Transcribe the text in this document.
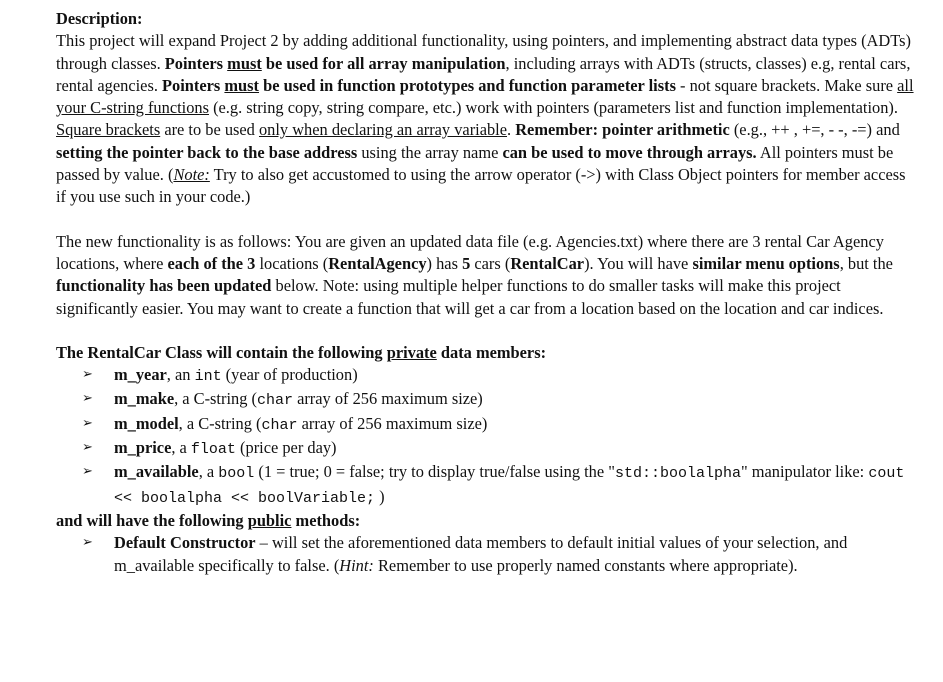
Description:

This project will expand Project 2 by adding additional functionality, using pointers, and implementing abstract data types (ADTs) through classes. Pointers must be used for all array manipulation, including arrays with ADTs (structs, classes) e.g, rental cars, rental agencies. Pointers must be used in function prototypes and function parameter lists - not square brackets. Make sure all your C-string functions (e.g. string copy, string compare, etc.) work with pointers (parameters list and function implementation). Square brackets are to be used only when declaring an array variable. Remember: pointer arithmetic (e.g., ++ , +=, - -, -=) and setting the pointer back to the base address using the array name can be used to move through arrays. All pointers must be passed by value. (Note: Try to also get accustomed to using the arrow operator (->) with Class Object pointers for member access if you use such in your code.)

The new functionality is as follows: You are given an updated data file (e.g. Agencies.txt) where there are 3 rental Car Agency locations, where each of the 3 locations (RentalAgency) has 5 cars (RentalCar). You will have similar menu options, but the functionality has been updated below. Note: using multiple helper functions to do smaller tasks will make this project significantly easier. You may want to create a function that will get a car from a location based on the location and car indices.

The RentalCar Class will contain the following private data members:

➢ m_year, an int (year of production)
➢ m_make, a C-string (char array of 256 maximum size)
➢ m_model, a C-string (char array of 256 maximum size)
➢ m_price, a float (price per day)
➢ m_available, a bool (1 = true; 0 = false; try to display true/false using the "std::boolalpha" manipulator like: cout << boolalpha << boolVariable; )

and will have the following public methods:

➢ Default Constructor – will set the aforementioned data members to default initial values of your selection, and m_available specifically to false. (Hint: Remember to use properly named constants where appropriate).
